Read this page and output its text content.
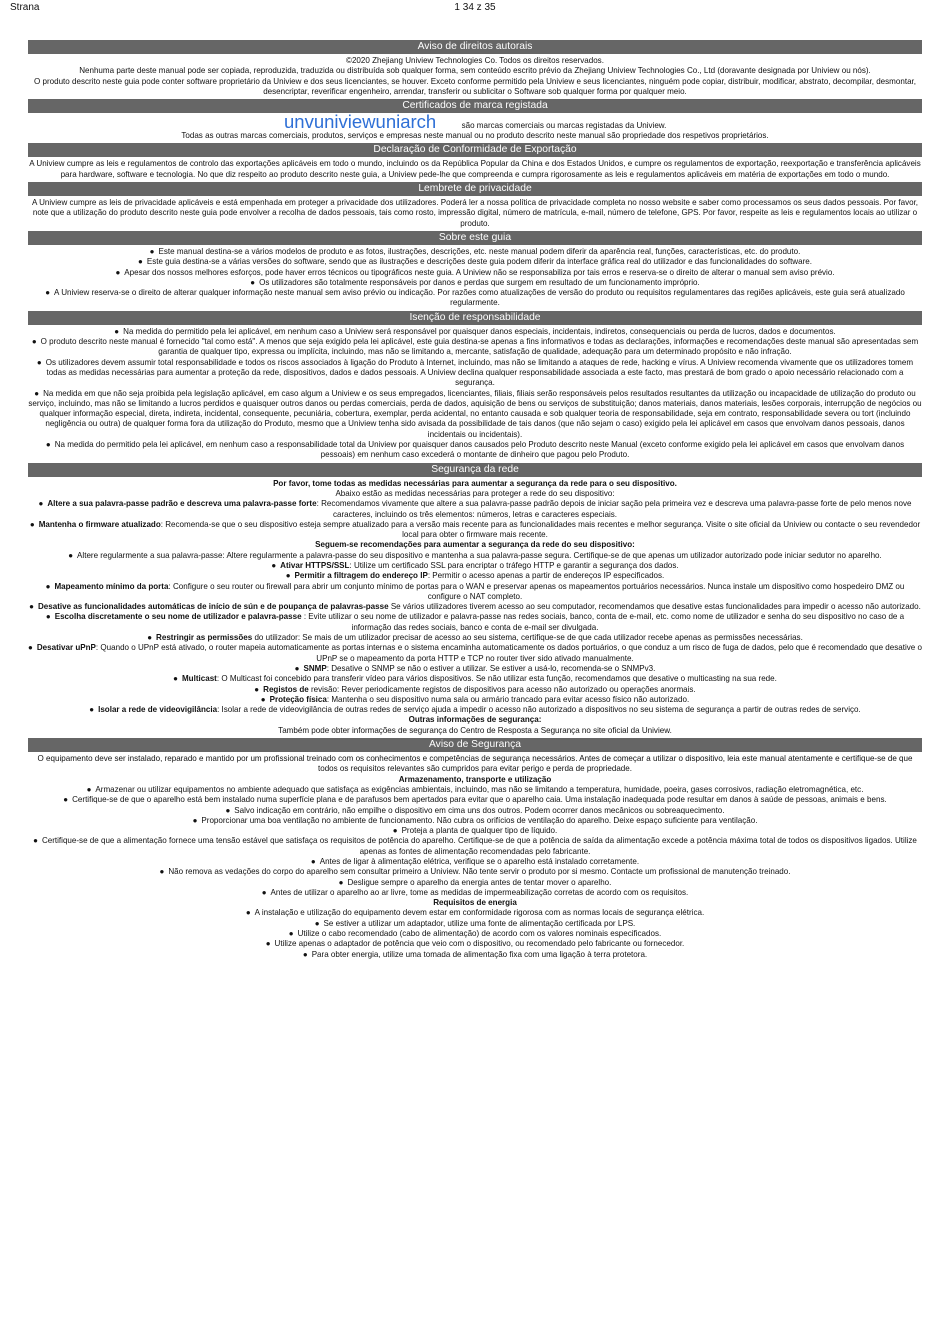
Strana	1 34 z 35
Aviso de direitos autorais

©2020 Zhejiang Uniview Technologies Co. Todos os direitos reservados.

Nenhuma parte deste manual pode ser copiada, reproduzida, traduzida ou distribuída sob qualquer forma, sem conteúdo escrito prévio da Zhejiang Uniview Technologies Co., Ltd (doravante designada por Uniview ou nós).

O produto descrito neste guia pode conter software proprietário da Uniview e dos seus licenciantes, se houver. Exceto conforme permitido pela Uniview e seus licenciantes, ninguém pode copiar, distribuir, modificar, abstrato, decompilar, desmontar, desencriptar, reverificar engenheiro, arrendar, transferir ou sublicitar o Software sob qualquer forma por qualquer meio.

Certificados de marca registada
unvuniviewuniarch	são marcas comerciais ou marcas registadas da Uniview.

Todas as outras marcas comerciais, produtos, serviços e empresas neste manual ou no produto descrito neste manual são propriedade dos respetivos proprietários.

Declaração de Conformidade de Exportação

A Uniview cumpre as leis e regulamentos de controlo das exportações aplicáveis em todo o mundo, incluindo os da República Popular da China e dos Estados Unidos, e cumpre os regulamentos de exportação, reexportação e transferência aplicáveis para hardware, software e tecnologia. No que diz respeito ao produto descrito neste guia, a Uniview pede-lhe que compreenda e cumpra rigorosamente as leis e regulamentos aplicáveis em matéria de exportações em todo o mundo.

Lembrete de privacidade

A Uniview cumpre as leis de privacidade aplicáveis e está empenhada em proteger a privacidade dos utilizadores. Poderá ler a nossa política de privacidade completa no nosso website e saber como processamos os seus dados pessoais. Por favor, note que a utilização do produto descrito neste guia pode envolver a recolha de dados pessoais, tais como rosto, impressão digital, número de matrícula, e-mail, número de telefone, GPS. Por favor, respeite as leis e regulamentos locais ao utilizar o produto.

Sobre este guia

● Este manual destina-se a vários modelos de produto e as fotos, ilustrações, descrições, etc. neste manual podem diferir da aparência real, funções, características, etc. do produto.

● Este guia destina-se a várias versões do software, sendo que as ilustrações e descrições deste guia podem diferir da interface gráfica real do utilizador e das funcionalidades do software.

● Apesar dos nossos melhores esforços, pode haver erros técnicos ou tipográficos neste guia. A Uniview não se responsabiliza por tais erros e reserva-se o direito de alterar o manual sem aviso prévio.

● Os utilizadores são totalmente responsáveis por danos e perdas que surgem em resultado de um funcionamento impróprio.

● A Uniview reserva-se o direito de alterar qualquer informação neste manual sem aviso prévio ou indicação. Por razões como atualizações de versão do produto ou requisitos regulamentares das regiões aplicáveis, este guia será atualizado regularmente.

Isenção de responsabilidade

● Na medida do permitido pela lei aplicável, em nenhum caso a Uniview será responsável por quaisquer danos especiais, incidentais, indiretos, consequenciais ou perda de lucros, dados e documentos.

● O produto descrito neste manual é fornecido "tal como está". A menos que seja exigido pela lei aplicável, este guia destina-se apenas a fins informativos e todas as declarações, informações e recomendações deste manual são apresentadas sem garantia de qualquer tipo, expressa ou implícita, incluindo, mas não se limitando a, mercante, satisfação de qualidade, adequação para um determinado propósito e não infração.

● Os utilizadores devem assumir total responsabilidade e todos os riscos associados à ligação do Produto à Internet, incluindo, mas não se limitando a ataques de rede, hacking e vírus. A Uniview recomenda vivamente que os utilizadores tomem todas as medidas necessárias para aumentar a proteção da rede, dispositivos, dados e dados pessoais. A Uniview declina qualquer responsabilidade associada a este facto, mas prestará de bom grado o apoio necessário relacionado com a segurança.

● Na medida em que não seja proibida pela legislação aplicável, em caso algum a Uniview e os seus empregados, licenciantes, filiais, filiais serão responsáveis pelos resultados resultantes da utilização ou incapacidade de utilização do produto ou serviço, incluindo, mas não se limitando a lucros perdidos e quaisquer outros danos ou perdas comerciais, perda de dados, aquisição de bens ou serviços de substituição; danos materiais, danos materiais, lesões corporais, interrupção de negócios ou qualquer informação especial, direta, indireta, incidental, consequente, pecuniária, cobertura, exemplar, perda acidental, no entanto causada e sob qualquer teoria de responsabilidade, seja em contrato, responsabilidade severa ou tort (incluindo negligência ou outra) de qualquer forma fora da utilização do Produto, mesmo que a Uniview tenha sido avisada da possibilidade de tais danos (que não sejam o caso) exigido pela lei aplicável em casos que envolvam danos pessoais, danos incidentais ou incidentais).

● Na medida do permitido pela lei aplicável, em nenhum caso a responsabilidade total da Uniview por quaisquer danos causados pelo Produto descrito neste Manual (exceto conforme exigido pela lei aplicável em casos que envolvam danos pessoais) em nenhum caso excederá o montante de dinheiro que pagou pelo Produto.

Segurança da rede

Por favor, tome todas as medidas necessárias para aumentar a segurança da rede para o seu dispositivo.

Abaixo estão as medidas necessárias para proteger a rede do seu dispositivo:

● Altere a sua palavra-passe padrão e descreva uma palavra-passe forte: Recomendamos vivamente que altere a sua palavra-passe padrão depois de iniciar sação pela primeira vez e descreva uma palavra-passe forte de pelo menos nove caracteres, incluindo os três elementos: números, letras e caracteres especiais.

● Mantenha o firmware atualizado: Recomenda-se que o seu dispositivo esteja sempre atualizado para a versão mais recente para as funcionalidades mais recentes e melhor segurança. Visite o site oficial da Uniview ou contacte o seu revendedor local para obter o firmware mais recente.

Seguem-se recomendações para aumentar a segurança da rede do seu dispositivo:

● Altere regularmente a sua palavra-passe: Altere regularmente a palavra-passe do seu dispositivo e mantenha a sua palavra-passe segura. Certifique-se de que apenas um utilizador autorizado pode iniciar sedutor no aparelho.

● Ativar HTTPS/SSL: Utilize um certificado SSL para encriptar o tráfego HTTP e garantir a segurança dos dados.

● Permitir a filtragem do endereço IP: Permitir o acesso apenas a partir de endereços IP especificados.

● Mapeamento mínimo da porta: Configure o seu router ou firewall para abrir um conjunto mínimo de portas para o WAN e preservar apenas os mapeamentos portuários necessários. Nunca instale um dispositivo como hospedeiro DMZ ou configure o NAT completo.

● Desative as funcionalidades automáticas de início de sún e de poupança de palavras-passe Se vários utilizadores tiverem acesso ao seu computador, recomendamos que desative estas funcionalidades para impedir o acesso não autorizado.

● Escolha discretamente o seu nome de utilizador e palavra-passe : Evite utilizar o seu nome de utilizador e palavra-passe nas redes sociais, banco, conta de e-mail, etc. como nome de utilizador e senha do seu dispositivo no caso de a informação das redes sociais, banco e conta de e-mail ser divulgada.

● Restringir as permissões do utilizador: Se mais de um utilizador precisar de acesso ao seu sistema, certifique-se de que cada utilizador recebe apenas as permissões necessárias.

● Desativar uPnP: Quando o UPnP está ativado, o router mapeia automaticamente as portas internas e o sistema encaminha automaticamente os dados portuários, o que conduz a um risco de fuga de dados, pelo que é recomendado que desative o UPnP se o mapeamento da porta HTTP e TCP no router tiver sido ativado manualmente.

● SNMP: Desative o SNMP se não o estiver a utilizar. Se estiver a usá-lo, recomenda-se o SNMPv3.

● Multicast: O Multicast foi concebido para transferir vídeo para vários dispositivos. Se não utilizar esta função, recomendamos que desative o multicasting na sua rede.

● Registos de revisão: Rever periodicamente registos de dispositivos para acesso não autorizado ou operações anormais.

● Proteção física: Mantenha o seu dispositivo numa sala ou armário trancado para evitar acesso físico não autorizado.

● Isolar a rede de videovigilância: Isolar a rede de videovigilância de outras redes de serviço ajuda a impedir o acesso não autorizado a dispositivos no seu sistema de segurança a partir de outras redes de serviço.

Outras informações de segurança:

Também pode obter informações de segurança do Centro de Resposta a Segurança no site oficial da Uniview.

Aviso de Segurança

O equipamento deve ser instalado, reparado e mantido por um profissional treinado com os conhecimentos e competências de segurança necessários. Antes de começar a utilizar o dispositivo, leia este manual atentamente e certifique-se de que todos os requisitos relevantes são cumpridos para evitar perigo e perda de propriedade.

Armazenamento, transporte e utilização

● Armazenar ou utilizar equipamentos no ambiente adequado que satisfaça as exigências ambientais, incluindo, mas não se limitando a temperatura, humidade, poeira, gases corrosivos, radiação eletromagnética, etc.

● Certifique-se de que o aparelho está bem instalado numa superfície plana e de parafusos bem apertados para evitar que o aparelho caia. Uma instalação inadequada pode resultar em danos à saúde de pessoas, animais e bens.

● Salvo indicação em contrário, não empilhe o dispositivo em cima uns dos outros. Podem ocorrer danos mecânicos ou sobreaquecimento.

● Proporcionar uma boa ventilação no ambiente de funcionamento. Não cubra os orifícios de ventilação do aparelho. Deixe espaço suficiente para ventilação.

● Proteja a planta de qualquer tipo de líquido.

● Certifique-se de que a alimentação fornece uma tensão estável que satisfaça os requisitos de potência do aparelho. Certifique-se de que a potência de saída da alimentação excede a potência máxima total de todos os dispositivos ligados. Utilize apenas as fontes de alimentação recomendadas pelo fabricante.

● Antes de ligar à alimentação elétrica, verifique se o aparelho está instalado corretamente.

● Não remova as vedações do corpo do aparelho sem consultar primeiro a Uniview. Não tente servir o produto por si mesmo. Contacte um profissional de manutenção treinado.

● Desligue sempre o aparelho da energia antes de tentar mover o aparelho.

● Antes de utilizar o aparelho ao ar livre, tome as medidas de impermeabilização corretas de acordo com os requisitos.

Requisitos de energia

● A instalação e utilização do equipamento devem estar em conformidade rigorosa com as normas locais de segurança elétrica.

● Se estiver a utilizar um adaptador, utilize uma fonte de alimentação certificada por LPS.

● Utilize o cabo recomendado (cabo de alimentação) de acordo com os valores nominais especificados.

● Utilize apenas o adaptador de potência que veio com o dispositivo, ou recomendado pelo fabricante ou fornecedor.

● Para obter energia, utilize uma tomada de alimentação fixa com uma ligação à terra protetora.
